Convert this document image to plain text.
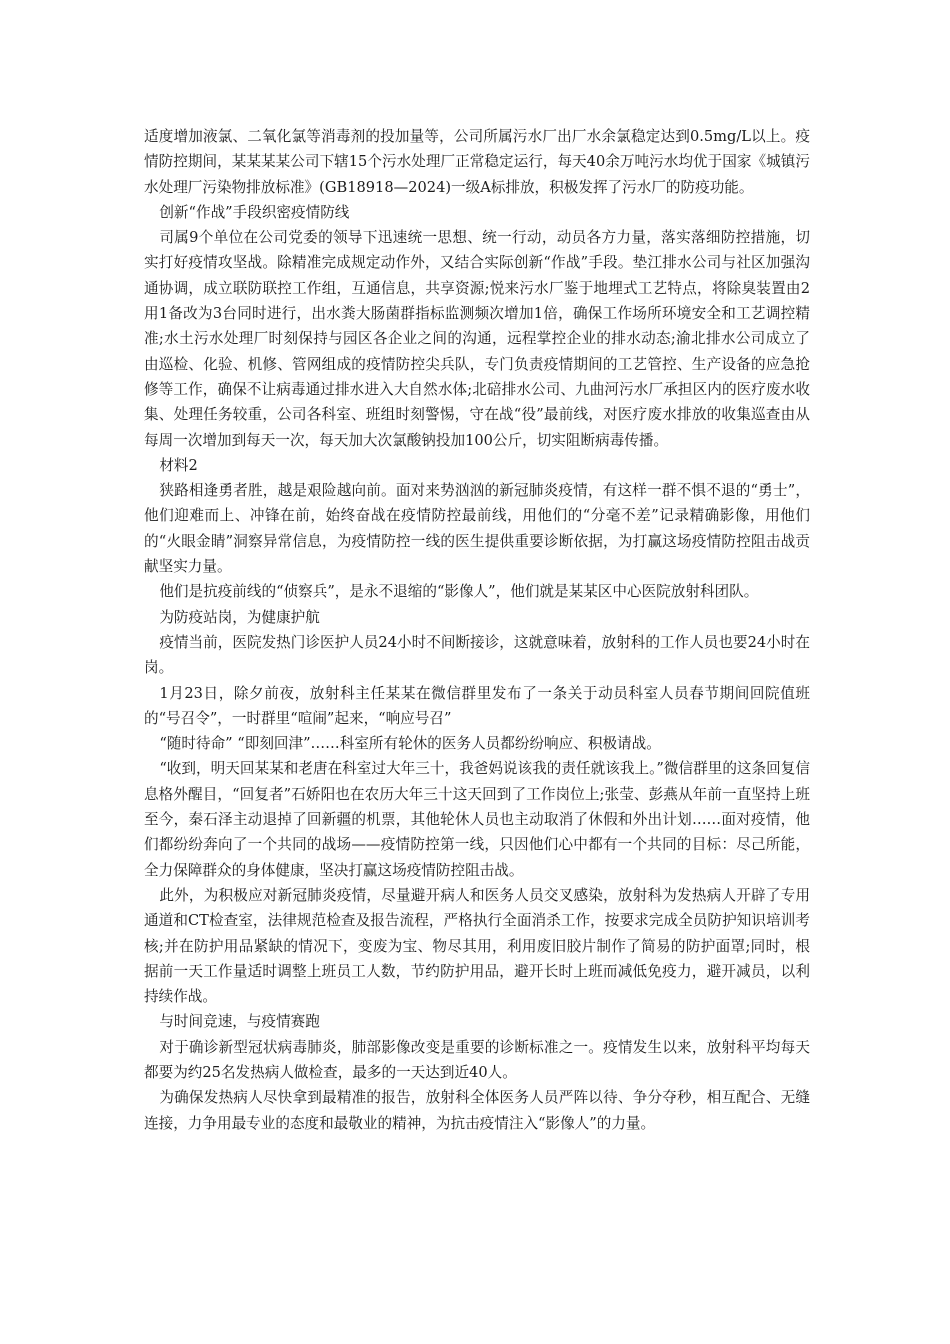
适度增加液氯、二氧化氯等消毒剂的投加量等，公司所属污水厂出厂水余氯稳定达到0.5mg/L以上。疫情防控期间，某某某某公司下辖15个污水处理厂正常稳定运行，每天40余万吨污水均优于国家《城镇污水处理厂污染物排放标准》(GB18918—2024)一级A标排放，积极发挥了污水厂的防疫功能。

创新“作战”手段织密疫情防线

司属9个单位在公司党委的领导下迅速统一思想、统一行动，动员各方力量，落实落细防控措施，切实打好疫情攻坚战。除精准完成规定动作外，又结合实际创新“作战”手段。垫江排水公司与社区加强沟通协调，成立联防联控工作组，互通信息，共享资源;悦来污水厂鉴于地埋式工艺特点，将除臭装置由2用1备改为3台同时进行，出水粪大肠菌群指标监测频次增加1倍，确保工作场所环境安全和工艺调控精准;水土污水处理厂时刻保持与园区各企业之间的沟通，远程掌控企业的排水动态;渝北排水公司成立了由巡检、化验、机修、管网组成的疫情防控尖兵队，专门负责疫情期间的工艺管控、生产设备的应急抢修等工作，确保不让病毒通过排水进入大自然水体;北碚排水公司、九曲河污水厂承担区内的医疗废水收集、处理任务较重，公司各科室、班组时刻警惕，守在战“役”最前线，对医疗废水排放的收集巡查由从每周一次增加到每天一次，每天加大次氯酸钠投加100公斤，切实阻断病毒传播。

材料2

狭路相逢勇者胜，越是艰险越向前。面对来势汹汹的新冠肺炎疫情，有这样一群不惧不退的“勇士”，他们迎难而上、冲锋在前，始终奋战在疫情防控最前线，用他们的“分毫不差”记录精确影像，用他们的“火眼金睛”洞察异常信息，为疫情防控一线的医生提供重要诊断依据，为打赢这场疫情防控阻击战贡献坚实力量。

他们是抗疫前线的“侦察兵”，是永不退缩的“影像人”，他们就是某某区中心医院放射科团队。

为防疫站岗，为健康护航

疫情当前，医院发热门诊医护人员24小时不间断接诊，这就意味着，放射科的工作人员也要24小时在岗。

1月23日，除夕前夜，放射科主任某某在微信群里发布了一条关于动员科室人员春节期间回院值班的“号召令”，一时群里“喧闹”起来，“响应号召”

“随时待命” “即刻回津”……科室所有轮休的医务人员都纷纷响应、积极请战。

“收到，明天回某某和老唐在科室过大年三十，我爸妈说该我的责任就该我上。”微信群里的这条回复信息格外醒目，“回复者”石娇阳也在农历大年三十这天回到了工作岗位上;张莹、彭燕从年前一直坚持上班至今，秦石泽主动退掉了回新疆的机票，其他轮休人员也主动取消了休假和外出计划……面对疫情，他们都纷纷奔向了一个共同的战场——疫情防控第一线，只因他们心中都有一个共同的目标：尽己所能，全力保障群众的身体健康，坚决打赢这场疫情防控阻击战。

此外，为积极应对新冠肺炎疫情，尽量避开病人和医务人员交叉感染，放射科为发热病人开辟了专用通道和CT检查室，法律规范检查及报告流程，严格执行全面消杀工作，按要求完成全员防护知识培训考核;并在防护用品紧缺的情况下，变废为宝、物尽其用，利用废旧胶片制作了简易的防护面罩;同时，根据前一天工作量适时调整上班员工人数，节约防护用品，避开长时上班而减低免疫力，避开减员，以利持续作战。

与时间竞速，与疫情赛跑

对于确诊新型冠状病毒肺炎，肺部影像改变是重要的诊断标准之一。疫情发生以来，放射科平均每天都要为约25名发热病人做检查，最多的一天达到近40人。

为确保发热病人尽快拿到最精准的报告，放射科全体医务人员严阵以待、争分夺秒，相互配合、无缝连接，力争用最专业的态度和最敬业的精神，为抗击疫情注入“影像人”的力量。
